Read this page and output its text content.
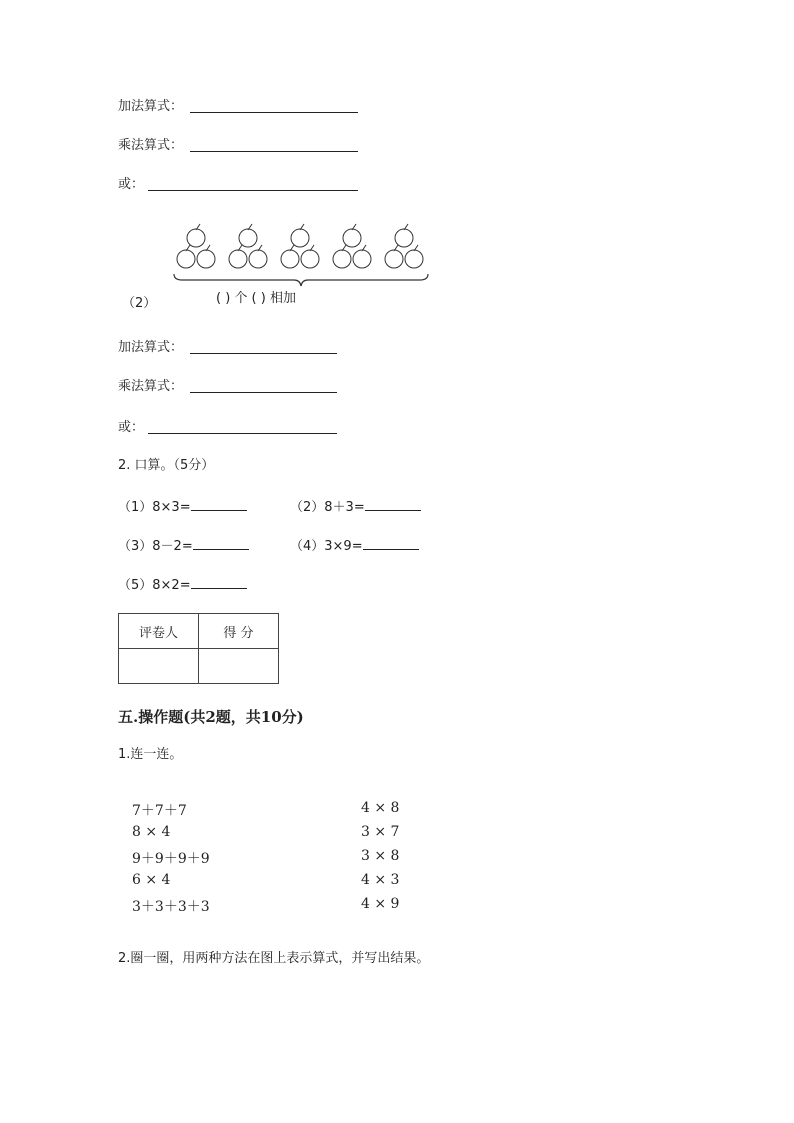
加法算式：
乘法算式：
或：
（2）	( ) 个 ( ) 相加
加法算式：
乘法算式：
或：
2. 口算。（5分）
（1）8×3=	（2）8＋3=
（3）8－2=	（4）3×9=
（5）8×2=
评卷人	得 分

五.操作题(共2题，共10分)
1.连一连。
7＋7＋7
8 × 4
9＋9＋9＋9
6 × 4
3＋3＋3＋3
4 × 8
3 × 7
3 × 8
4 × 3
4 × 9
2.圈一圈，用两种方法在图上表示算式，并写出结果。
